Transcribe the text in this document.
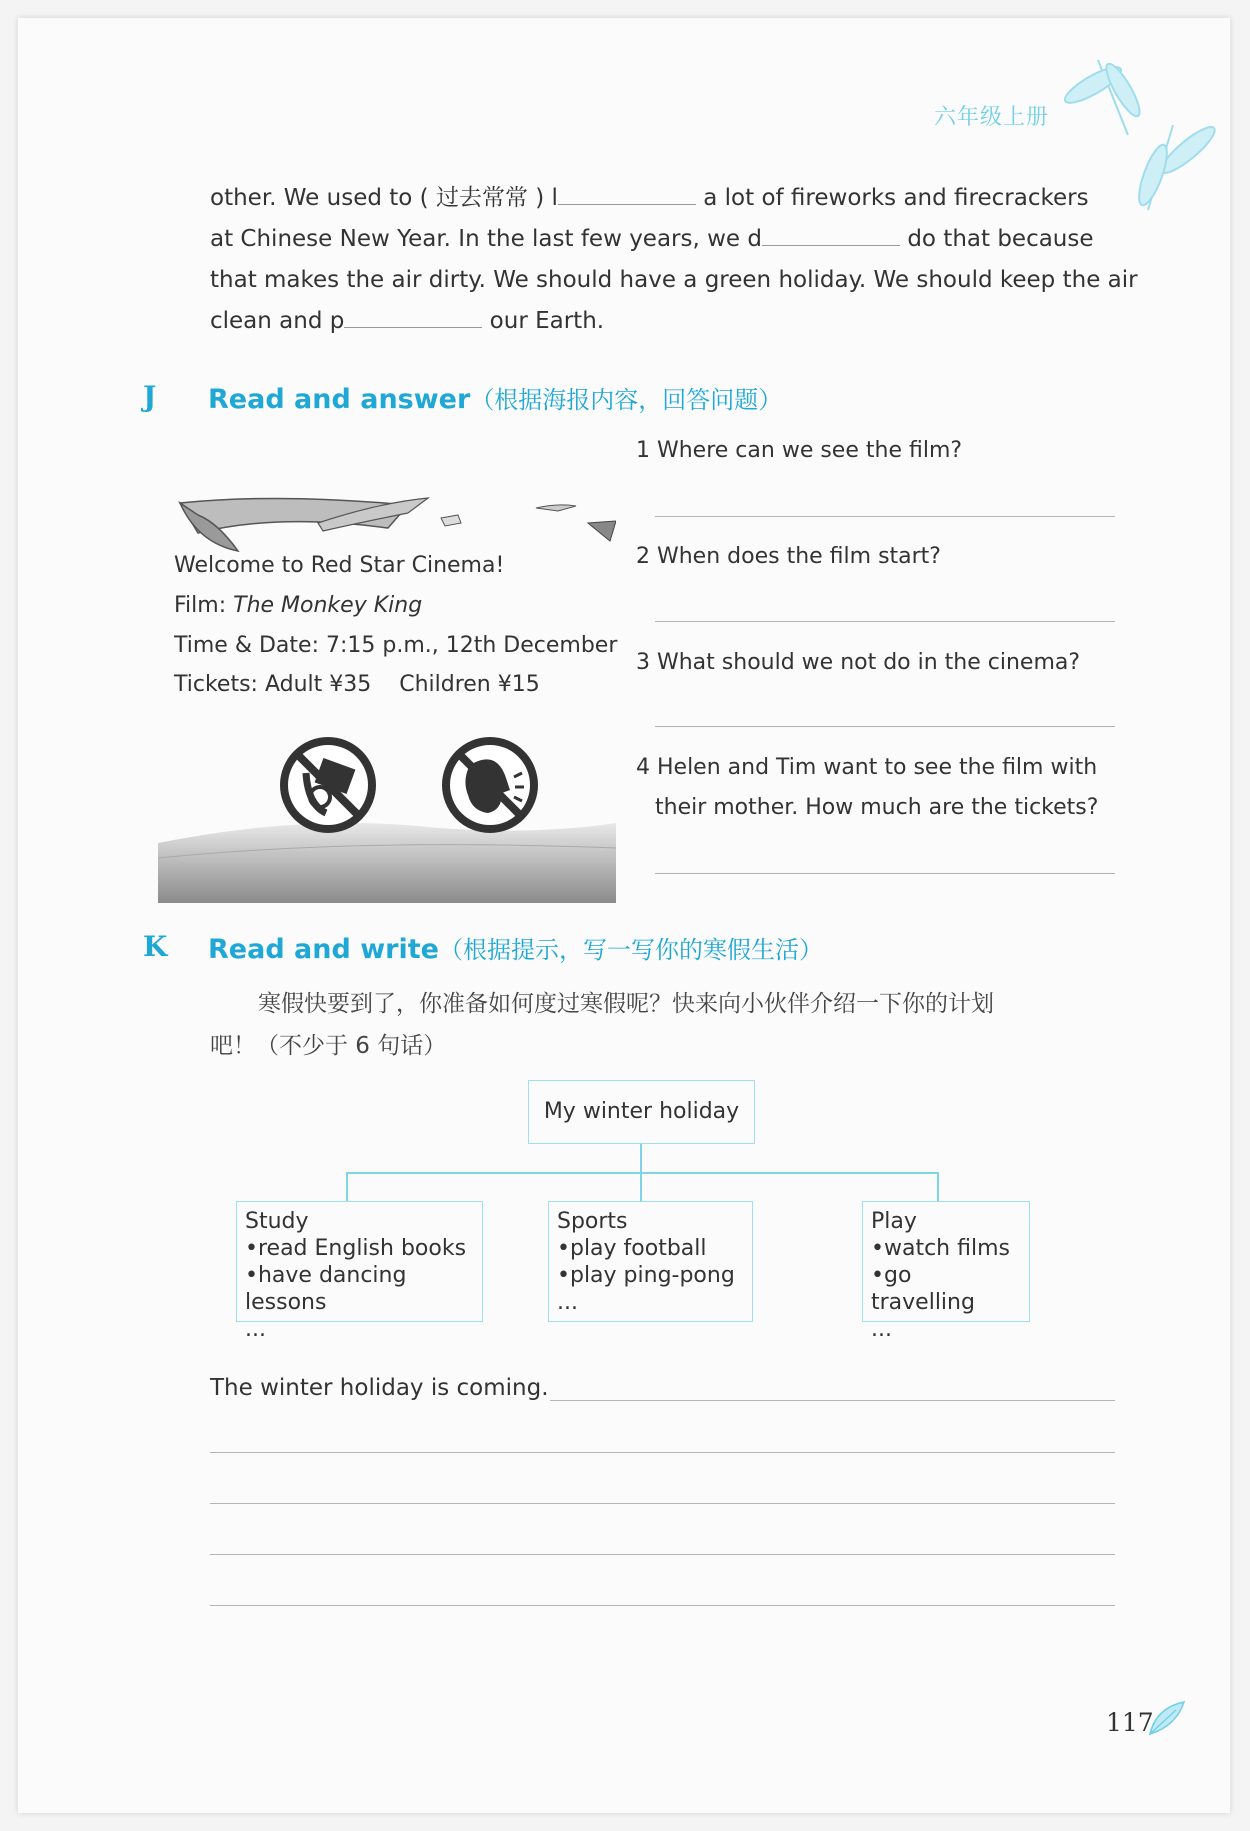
六年级上册
other. We used to ( 过去常常 ) l	a lot of fireworks and firecrackers
at Chinese New Year. In the last few years, we d	do that because
that makes the air dirty. We should have a green holiday. We should keep the air
clean and p	our Earth.
J Read and answer（根据海报内容，回答问题）
Welcome to Red Star Cinema!
Film: The Monkey King
Time & Date: 7:15 p.m., 12th December
Tickets: Adult ¥35    Children ¥15
1 Where can we see the film?
2 When does the film start?
3 What should we not do in the cinema?
4 Helen and Tim want to see the film with
their mother. How much are the tickets?
K Read and write（根据提示，写一写你的寒假生活）
寒假快要到了，你准备如何度过寒假呢？快来向小伙伴介绍一下你的计划
吧！（不少于 6 句话）
My winter holiday
Study
•read English books
•have dancing lessons
...
Sports
•play football
•play ping-pong
...
Play
•watch films
•go travelling
...
The winter holiday is coming.
117
